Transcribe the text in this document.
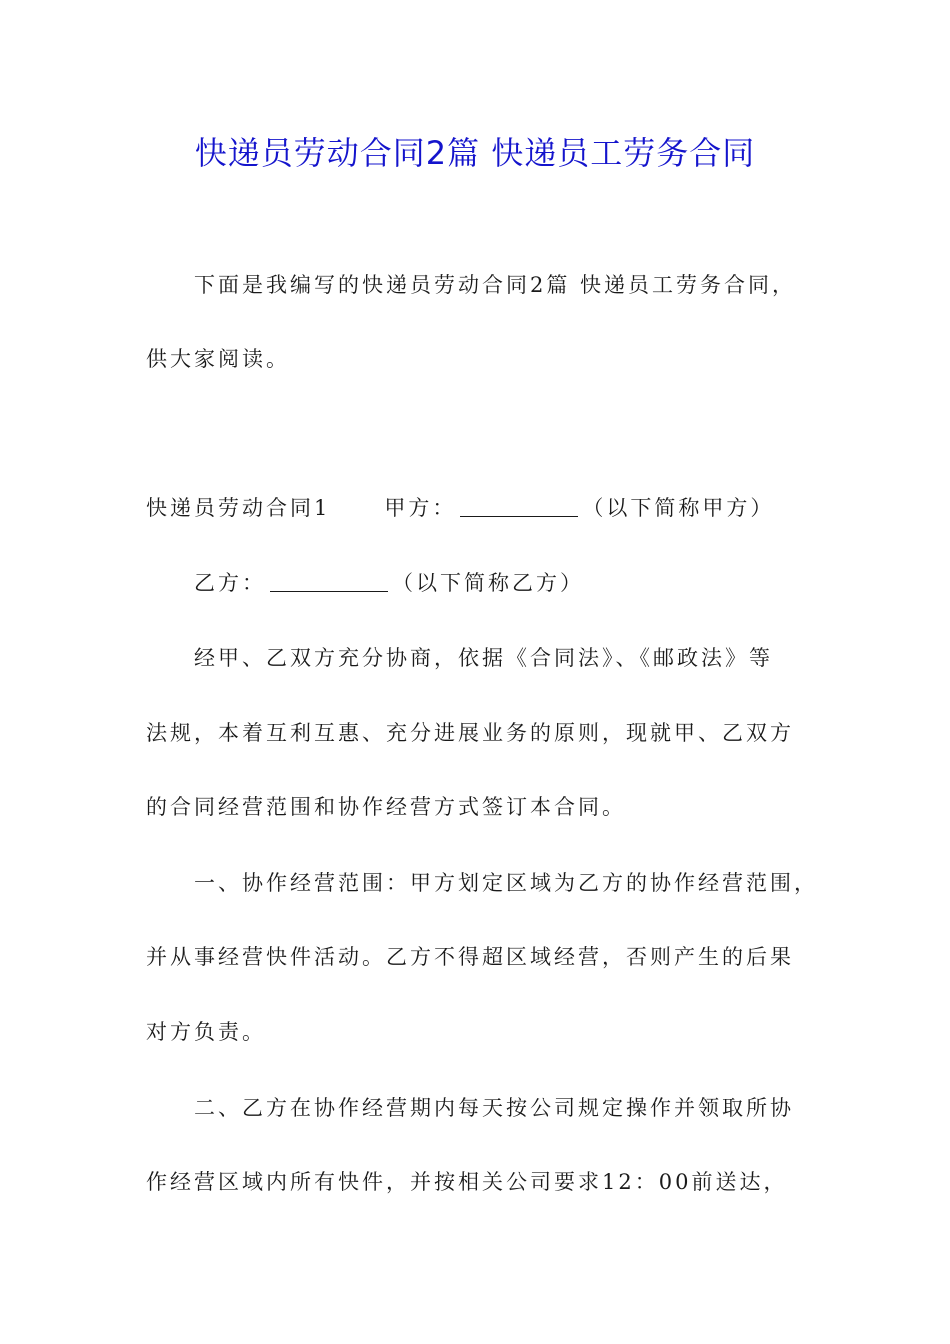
快递员劳动合同2篇 快递员工劳务合同
下面是我编写的快递员劳动合同2篇 快递员工劳务合同，
供大家阅读。
快递员劳动合同1	甲方：	（以下简称甲方）
乙方：	（以下简称乙方）
经甲、乙双方充分协商，依据《合同法》、《邮政法》等
法规，本着互利互惠、充分进展业务的原则，现就甲、乙双方
的合同经营范围和协作经营方式签订本合同。
一、协作经营范围：甲方划定区域为乙方的协作经营范围，
并从事经营快件活动。乙方不得超区域经营，否则产生的后果
对方负责。
二、乙方在协作经营期内每天按公司规定操作并领取所协
作经营区域内所有快件，并按相关公司要求12：00前送达，
